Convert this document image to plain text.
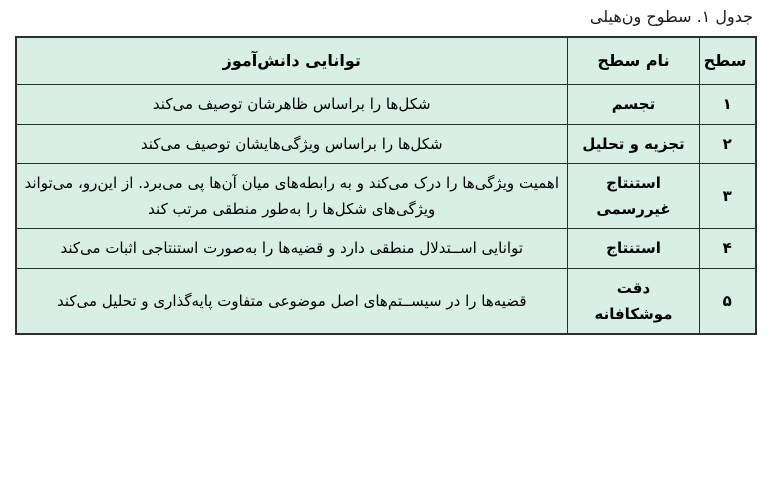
جدول ۱. سطوح ون‌هیلی
سطح	نام سطح	توانایی دانش‌آموز
۱	تجسم	شکل‌ها را براساس ظاهرشان توصیف می‌کند
۲	تجزیه و تحلیل	شکل‌ها را براساس ویژگی‌هایشان توصیف می‌کند
۳	استنتاج غیررسمی	اهمیت ویژگی‌ها را درک می‌کند و به رابطه‌های میان آن‌ها پی می‌برد. از این‌رو، می‌تواند ویژگی‌های شکل‌ها را به‌طور منطقی مرتب کند
۴	استنتاج	توانایی اســتدلال منطقی دارد و قضیه‌ها را به‌صورت استنتاجی اثبات می‌کند
۵	دقت موشکافانه	قضیه‌ها را در سیســتم‌های اصل موضوعی متفاوت پایه‌گذاری و تحلیل می‌کند
